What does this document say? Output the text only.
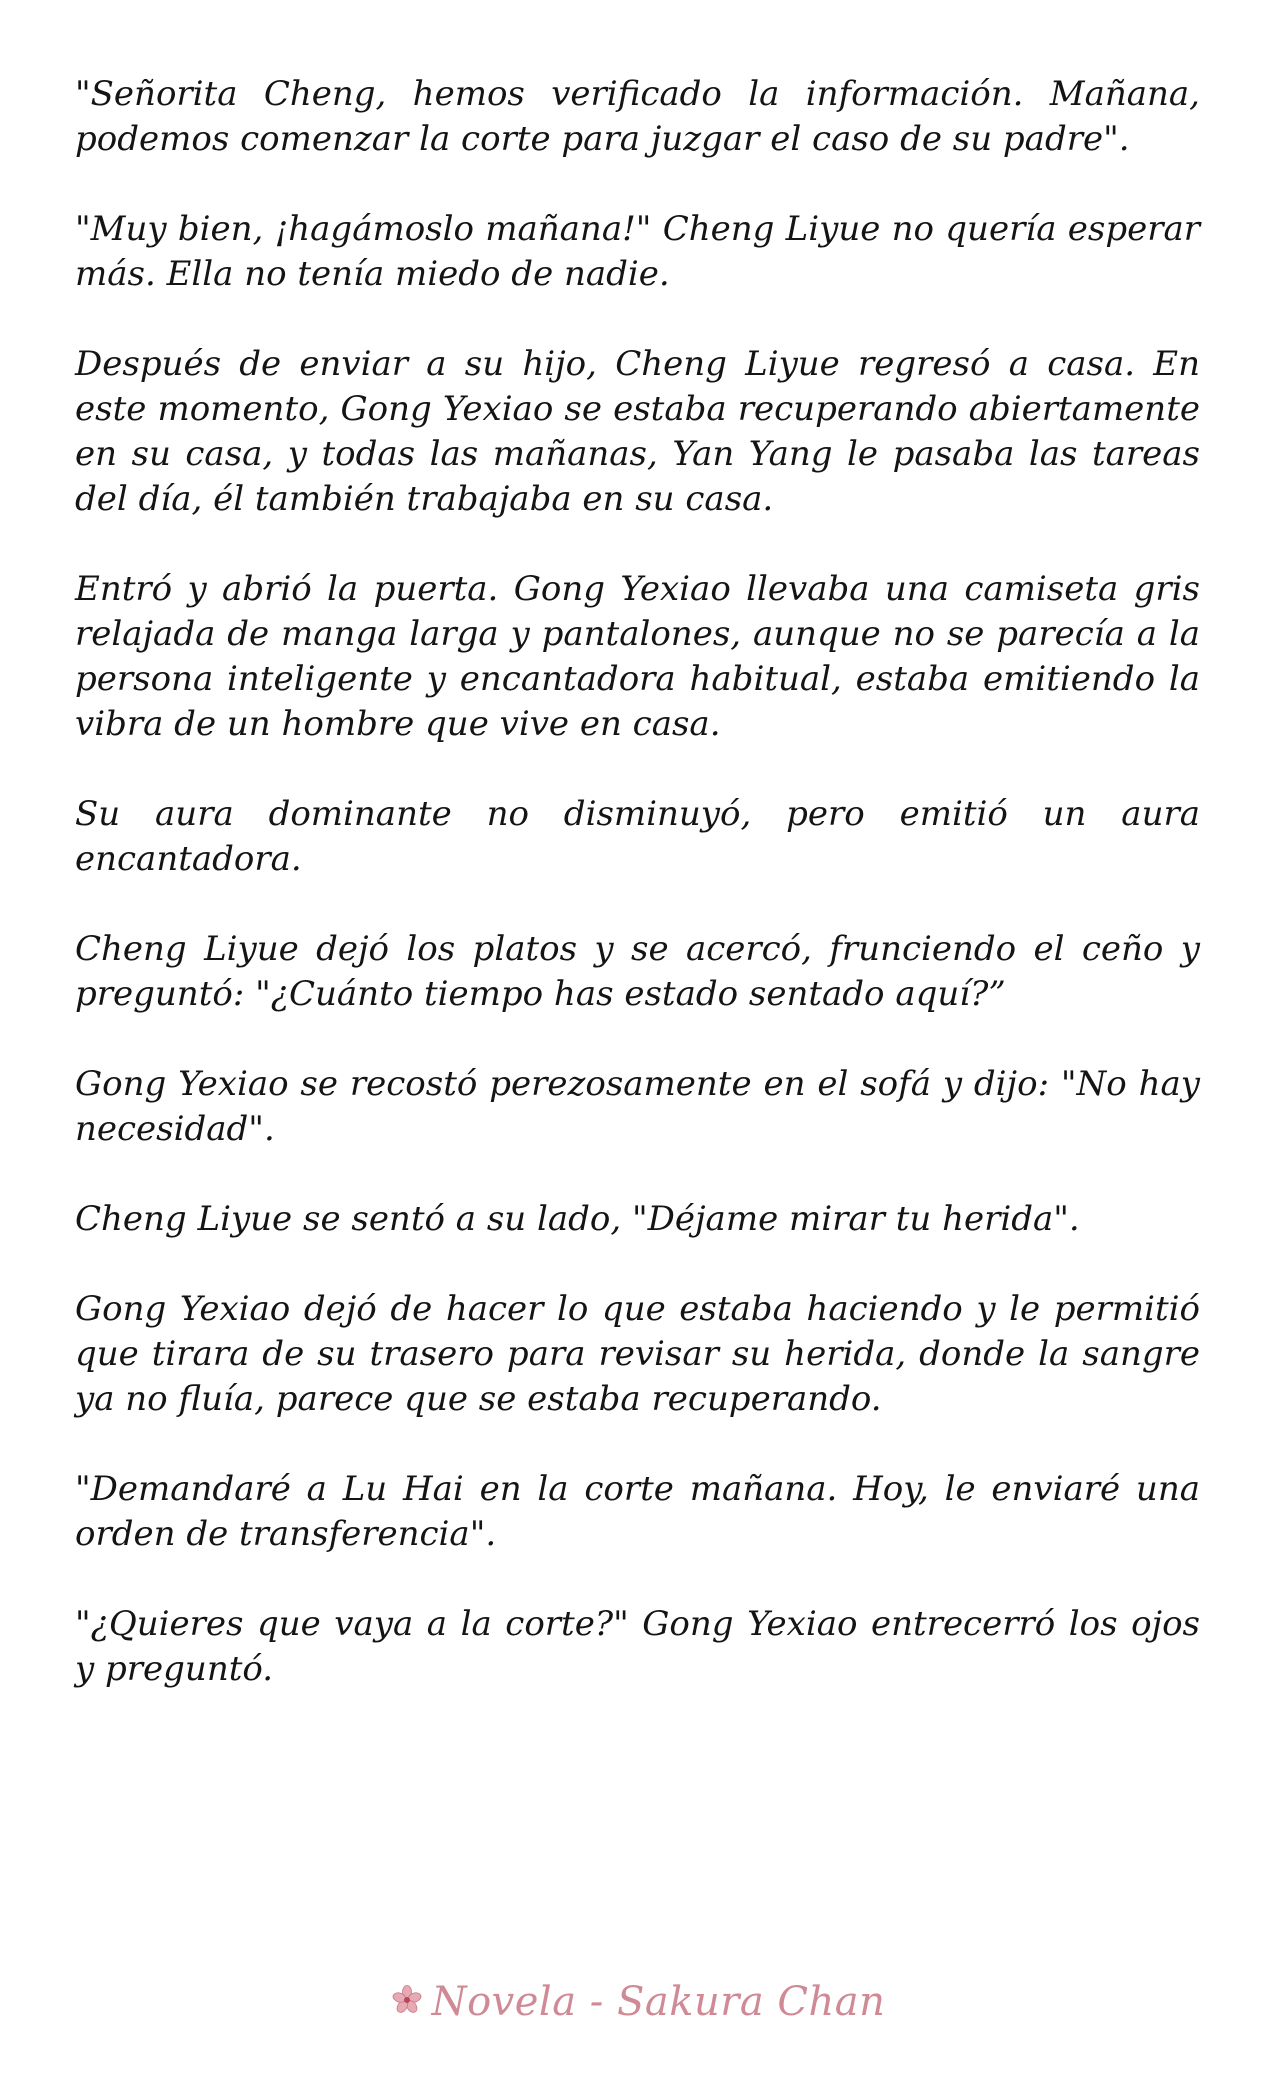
"Señorita Cheng, hemos verificado la información. Mañana, podemos comenzar la corte para juzgar el caso de su padre".

"Muy bien, ¡hagámoslo mañana!" Cheng Liyue no quería esperar más. Ella no tenía miedo de nadie.

Después de enviar a su hijo, Cheng Liyue regresó a casa. En este momento, Gong Yexiao se estaba recuperando abiertamente en su casa, y todas las mañanas, Yan Yang le pasaba las tareas del día, él también trabajaba en su casa.

Entró y abrió la puerta. Gong Yexiao llevaba una camiseta gris relajada de manga larga y pantalones, aunque no se parecía a la persona inteligente y encantadora habitual, estaba emitiendo la vibra de un hombre que vive en casa.

Su aura dominante no disminuyó, pero emitió un aura encantadora.

Cheng Liyue dejó los platos y se acercó, frunciendo el ceño y preguntó: "¿Cuánto tiempo has estado sentado aquí?”

Gong Yexiao se recostó perezosamente en el sofá y dijo: "No hay necesidad".

Cheng Liyue se sentó a su lado, "Déjame mirar tu herida".

Gong Yexiao dejó de hacer lo que estaba haciendo y le permitió que tirara de su trasero para revisar su herida, donde la sangre ya no fluía, parece que se estaba recuperando.

"Demandaré a Lu Hai en la corte mañana. Hoy, le enviaré una orden de transferencia".

"¿Quieres que vaya a la corte?" Gong Yexiao entrecerró los ojos y preguntó.

Novela - Sakura Chan
